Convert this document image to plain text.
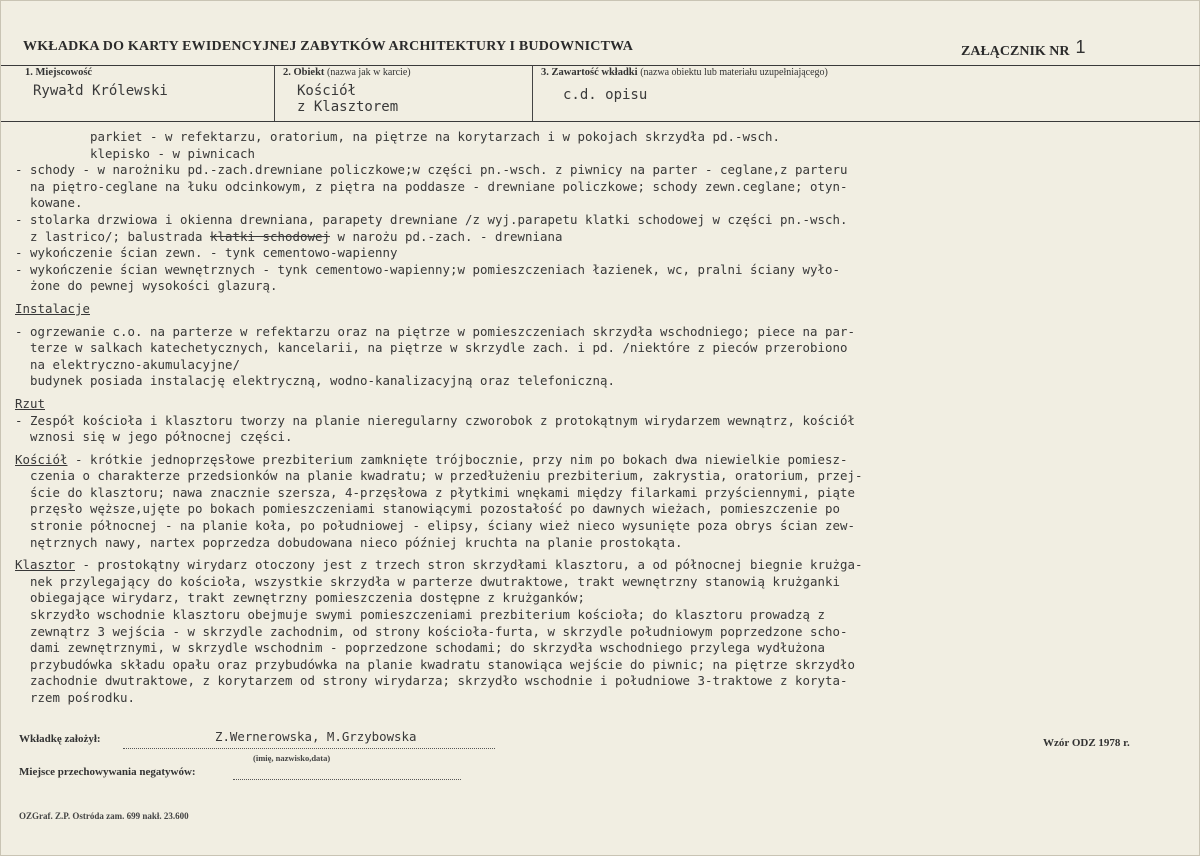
WKŁADKA DO KARTY EWIDENCYJNEJ ZABYTKÓW ARCHITEKTURY I BUDOWNICTWA	ZAŁĄCZNIK NR 1
1. Miejscowość
Rywałd Królewski
2. Obiekt (nazwa jak w karcie)
Kościół
z Klasztorem
3. Zawartość wkładki (nazwa obiektu lub materiału uzupełniającego)
c.d. opisu
parkiet - w refektarzu, oratorium, na piętrze na korytarzach i w pokojach skrzydła pd.-wsch.
klepisko - w piwnicach
- schody - w narożniku pd.-zach.drewniane policzkowe;w części pn.-wsch. z piwnicy na parter - ceglane,z parteru
na piętro-ceglane na łuku odcinkowym, z piętra na poddasze - drewniane policzkowe; schody zewn.ceglane; otyn-
kowane.
- stolarka drzwiowa i okienna drewniana, parapety drewniane /z wyj.parapetu klatki schodowej w części pn.-wsch.
z lastrico/; balustrada klatki schodowej w narożu pd.-zach. - drewniana
- wykończenie ścian zewn. - tynk cementowo-wapienny
- wykończenie ścian wewnętrznych - tynk cementowo-wapienny;w pomieszczeniach łazienek, wc, pralni ściany wyło-
żone do pewnej wysokości glazurą.
Instalacje
- ogrzewanie c.o. na parterze w refektarzu oraz na piętrze w pomieszczeniach skrzydła wschodniego; piece na par-
terze w salkach katechetycznych, kancelarii, na piętrze w skrzydle zach. i pd. /niektóre z pieców przerobiono
na elektryczno-akumulacyjne/
budynek posiada instalację elektryczną, wodno-kanalizacyjną oraz telefoniczną.
Rzut
- Zespół kościoła i klasztoru tworzy na planie nieregularny czworobok z protokątnym wirydarzem wewnątrz, kościół
wznosi się w jego północnej części.
Kościół - krótkie jednoprzęsłowe prezbiterium zamknięte trójbocznie, przy nim po bokach dwa niewielkie pomiesz-
czenia o charakterze przedsionków na planie kwadratu; w przedłużeniu prezbiterium, zakrystia, oratorium, przej-
ście do klasztoru; nawa znacznie szersza, 4-przęsłowa z płytkimi wnękami między filarkami przyściennymi, piąte
przęsło węższe,ujęte po bokach pomieszczeniami stanowiącymi pozostałość po dawnych wieżach, pomieszczenie po
stronie północnej - na planie koła, po południowej - elipsy, ściany wież nieco wysunięte poza obrys ścian zew-
nętrznych nawy, nartex poprzedza dobudowana nieco później kruchta na planie prostokąta.
Klasztor - prostokątny wirydarz otoczony jest z trzech stron skrzydłami klasztoru, a od północnej biegnie krużga-
nek przylegający do kościoła, wszystkie skrzydła w parterze dwutraktowe, trakt wewnętrzny stanowią krużganki
obiegające wirydarz, trakt zewnętrzny pomieszczenia dostępne z krużganków;
skrzydło wschodnie klasztoru obejmuje swymi pomieszczeniami prezbiterium kościoła; do klasztoru prowadzą z
zewnątrz 3 wejścia - w skrzydle zachodnim, od strony kościoła-furta, w skrzydle południowym poprzedzone scho-
dami zewnętrznymi, w skrzydle wschodnim - poprzedzone schodami; do skrzydła wschodniego przylega wydłużona
przybudówka składu opału oraz przybudówka na planie kwadratu stanowiąca wejście do piwnic; na piętrze skrzydło
zachodnie dwutraktowe, z korytarzem od strony wirydarza; skrzydło wschodnie i południowe 3-traktowe z koryta-
rzem pośrodku.
Wkładkę założył:	Z.Wernerowska, M.Grzybowska
(imię, nazwisko,data)
Wzór ODZ 1978 r.
Miejsce przechowywania negatywów:
OZGraf. Z.P. Ostróda zam. 699 nakł. 23.600
